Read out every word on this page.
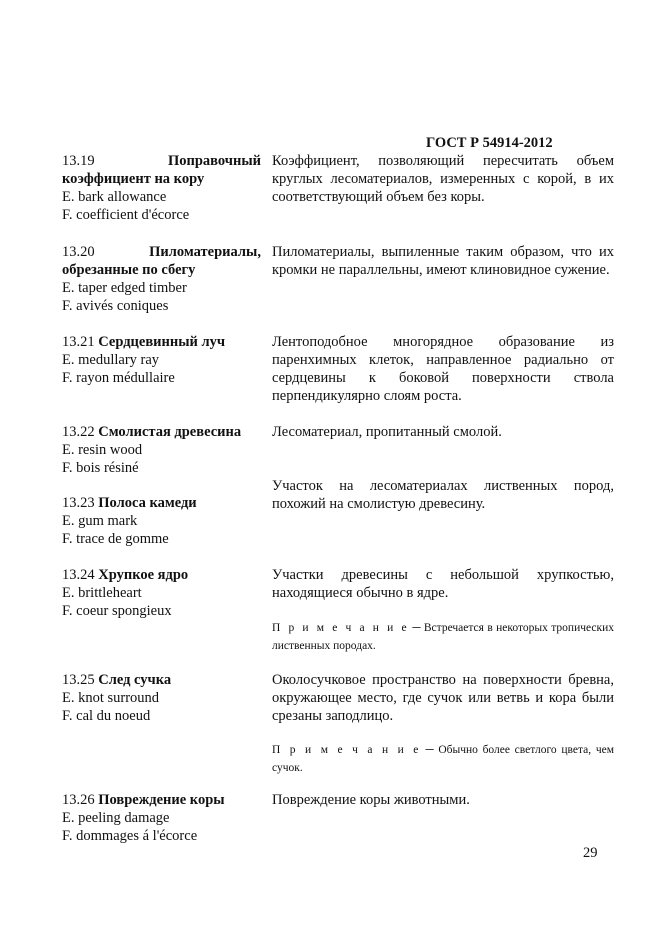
ГОСТ Р 54914-2012
13.19	Поправочный коэффициент на кору
E. bark allowance
F. coefficient d'écorce
Коэффициент, позволяющий пересчитать объем круглых лесоматериалов, измеренных с корой, в их соответствующий объем без коры.
13.20	Пиломатериалы, обрезанные по сбегу
E. taper edged timber
F. avivés coniques
Пиломатериалы, выпиленные таким образом, что их кромки не параллельны, имеют клиновидное сужение.
13.21 Сердцевинный луч
E. medullary ray
F. rayon médullaire
Лентоподобное многорядное образование из паренхимных клеток, направленное радиально от сердцевины к боковой поверхности ствола перпендикулярно слоям роста.
13.22 Смолистая древесина
E. resin wood
F. bois résiné
Лесоматериал, пропитанный смолой.
13.23 Полоса камеди
E. gum mark
F. trace de gomme
Участок на лесоматериалах лиственных пород, похожий на смолистую древесину.
13.24 Хрупкое ядро
E. brittleheart
F. coeur spongieux
Участки древесины с небольшой хрупкостью, находящиеся обычно в ядре.
П р и м е ч а н и е ─ Встречается в некоторых тропических лиственных породах.
13.25 След сучка
E. knot surround
F. cal du noeud
Околосучковое пространство на поверхности бревна, окружающее место, где сучок или ветвь и кора были срезаны заподлицо.
П р и м е ч а н и е ─ Обычно более светлого цвета, чем сучок.
13.26 Повреждение коры
E. peeling damage
F. dommages á l'écorce
Повреждение коры животными.
29
